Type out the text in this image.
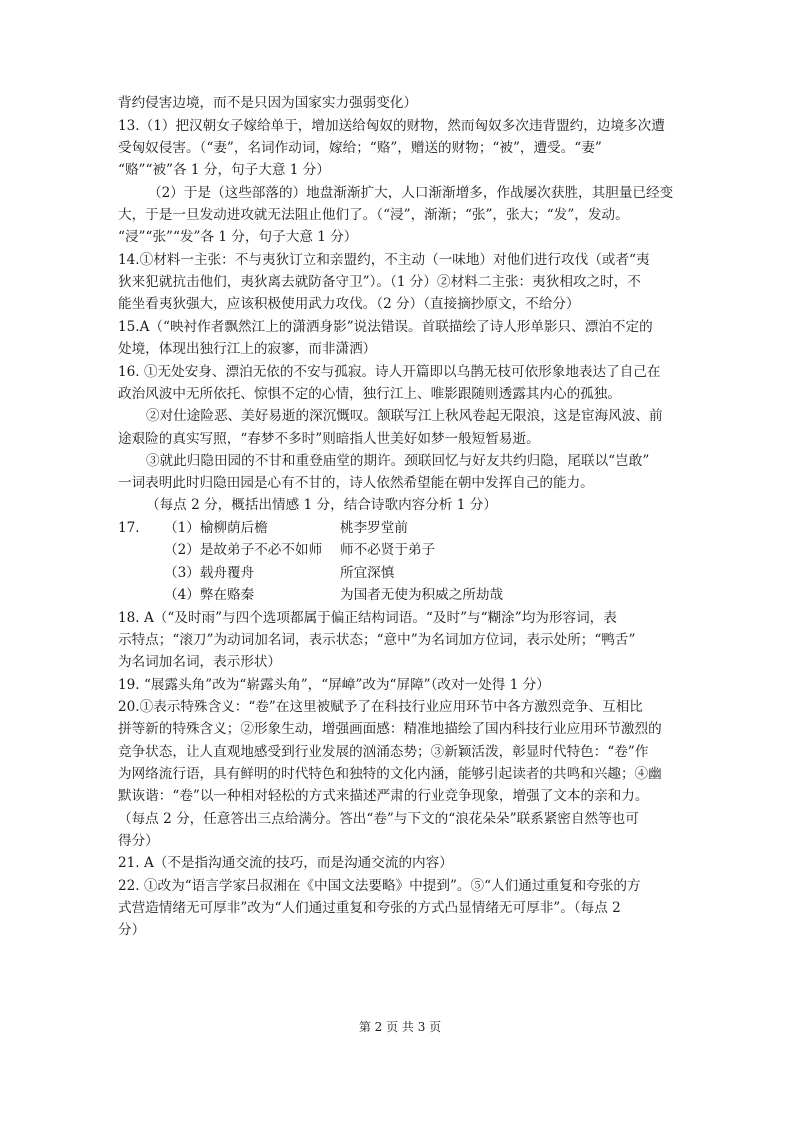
背约侵害边境，而不是只因为国家实力强弱变化）
13.（1）把汉朝女子嫁给单于，增加送给匈奴的财物，然而匈奴多次违背盟约，边境多次遭
受匈奴侵害。（“妻”，名词作动词，嫁给；“赂”，赠送的财物；“被”，遭受。“妻”
“赂”“被”各 1 分，句子大意 1 分）
（2）于是（这些部落的）地盘渐渐扩大，人口渐渐增多，作战屡次获胜，其胆量已经变
大，于是一旦发动进攻就无法阻止他们了。（“浸”，渐渐；“张”，张大；“发”，发动。
“浸”“张”“发”各 1 分，句子大意 1 分）
14.①材料一主张：不与夷狄订立和亲盟约，不主动（一味地）对他们进行攻伐（或者“夷
狄来犯就抗击他们，夷狄离去就防备守卫”）。（1 分）②材料二主张：夷狄相攻之时，不
能坐看夷狄强大，应该积极使用武力攻伐。（2 分）（直接摘抄原文，不给分）
15.A（“映衬作者飘然江上的潇洒身影”说法错误。首联描绘了诗人形单影只、漂泊不定的
处境，体现出独行江上的寂寥，而非潇洒）
16. ①无处安身、漂泊无依的不安与孤寂。诗人开篇即以乌鹊无枝可依形象地表达了自己在
政治风波中无所依托、惊惧不定的心情，独行江上、唯影跟随则透露其内心的孤独。
②对仕途险恶、美好易逝的深沉慨叹。颔联写江上秋风卷起无限浪，这是宦海风波、前
途艰险的真实写照，“春梦不多时”则暗指人世美好如梦一般短暂易逝。
③就此归隐田园的不甘和重登庙堂的期许。颈联回忆与好友共约归隐，尾联以“岂敢”
一词表明此时归隐田园是心有不甘的，诗人依然希望能在朝中发挥自己的能力。
（每点 2 分，概括出情感 1 分，结合诗歌内容分析 1 分）
17. （1）榆柳荫后檐	桃李罗堂前
（2）是故弟子不必不如师 师不必贤于弟子
（3）载舟覆舟	所宜深慎
（4）弊在赂秦	为国者无使为积威之所劫哉
18. A（“及时雨”与四个选项都属于偏正结构词语。“及时”与“糊涂”均为形容词，表
示特点；“滚刀”为动词加名词，表示状态；“意中”为名词加方位词，表示处所；“鸭舌”
为名词加名词，表示形状）
19. “展露头角”改为“崭露头角”，“屏嶂”改为“屏障”（改对一处得 1 分）
20.①表示特殊含义：“卷”在这里被赋予了在科技行业应用环节中各方激烈竞争、互相比
拼等新的特殊含义；②形象生动，增强画面感：精准地描绘了国内科技行业应用环节激烈的
竞争状态，让人直观地感受到行业发展的汹涌态势；③新颖活泼，彰显时代特色：“卷”作
为网络流行语，具有鲜明的时代特色和独特的文化内涵，能够引起读者的共鸣和兴趣；④幽
默诙谐：“卷”以一种相对轻松的方式来描述严肃的行业竞争现象，增强了文本的亲和力。
（每点 2 分，任意答出三点给满分。答出“卷”与下文的“浪花朵朵”联系紧密自然等也可
得分）
21. A（不是指沟通交流的技巧，而是沟通交流的内容）
22. ①改为“语言学家吕叔湘在《中国文法要略》中提到”。⑤“人们通过重复和夸张的方
式营造情绪无可厚非”改为“人们通过重复和夸张的方式凸显情绪无可厚非”。（每点 2
分）
第 2 页 共 3 页
